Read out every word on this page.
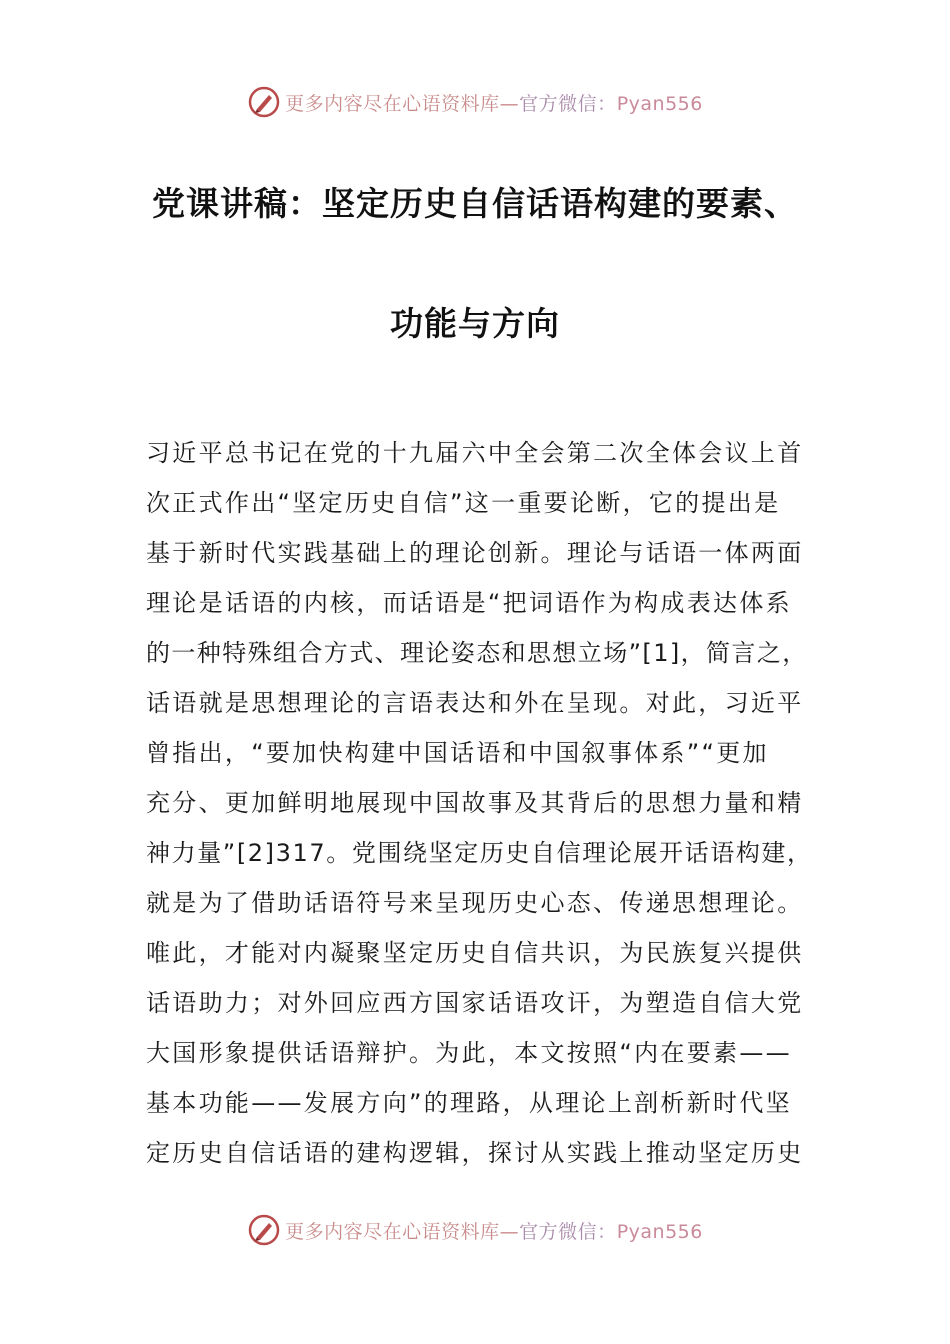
更多内容尽在心语资料库—官方微信：Pyan556
党课讲稿：坚定历史自信话语构建的要素、
功能与方向
习近平总书记在党的十九届六中全会第二次全体会议上首
次正式作出“坚定历史自信”这一重要论断，它的提出是
基于新时代实践基础上的理论创新。理论与话语一体两面
理论是话语的内核，而话语是“把词语作为构成表达体系
的一种特殊组合方式、理论姿态和思想立场”[1]，简言之，
话语就是思想理论的言语表达和外在呈现。对此，习近平
曾指出，“要加快构建中国话语和中国叙事体系”“更加
充分、更加鲜明地展现中国故事及其背后的思想力量和精
神力量”[2]317。党围绕坚定历史自信理论展开话语构建，
就是为了借助话语符号来呈现历史心态、传递思想理论。
唯此，才能对内凝聚坚定历史自信共识，为民族复兴提供
话语助力；对外回应西方国家话语攻讦，为塑造自信大党
大国形象提供话语辩护。为此，本文按照“内在要素——
基本功能——发展方向”的理路，从理论上剖析新时代坚
定历史自信话语的建构逻辑，探讨从实践上推动坚定历史
更多内容尽在心语资料库—官方微信：Pyan556
